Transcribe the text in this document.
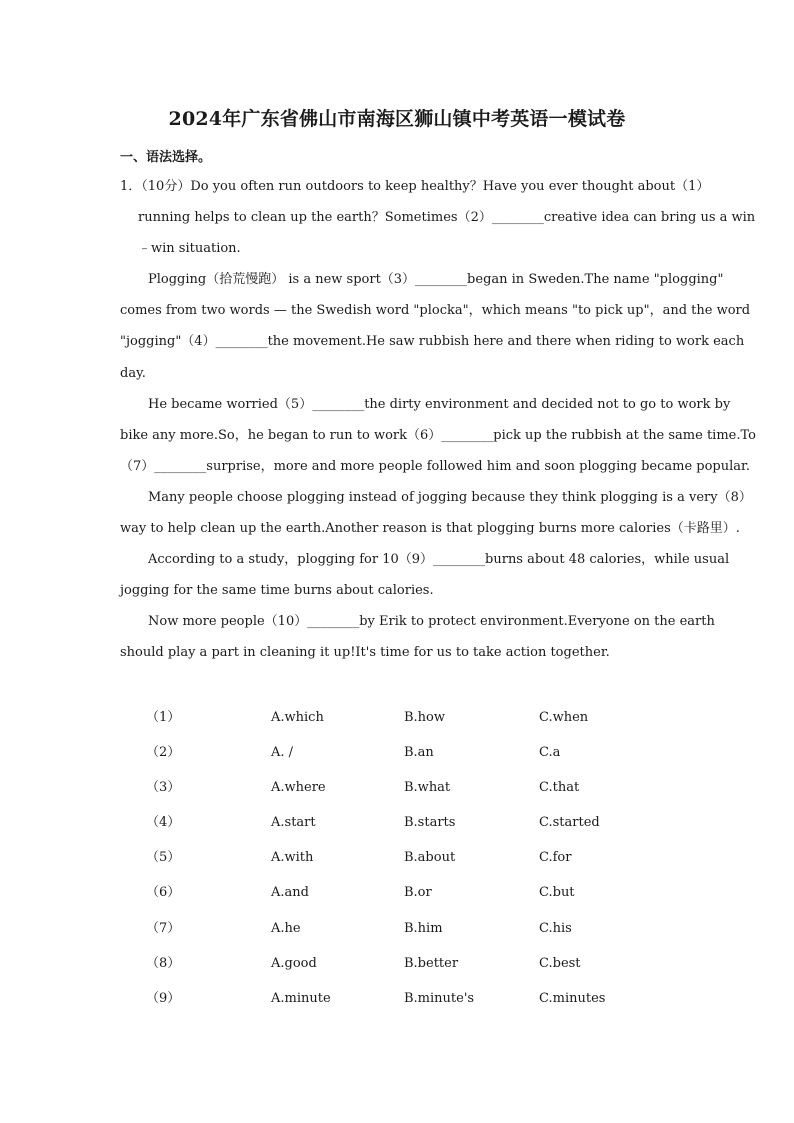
2024年广东省佛山市南海区狮山镇中考英语一模试卷
一、语法选择。
1．（10分）Do you often run outdoors to keep healthy？Have you ever thought about（1）
running helps to clean up the earth？Sometimes（2）________creative idea can bring us a win
﹣win situation.
Plogging（拾荒慢跑） is a new sport（3）________began in Sweden.The name "plogging"
comes from two words — the Swedish word "plocka"，which means "to pick up"，and the word
"jogging"（4）________the movement.He saw rubbish here and there when riding to work each
day.
He became worried（5）________the dirty environment and decided not to go to work by
bike any more.So，he began to run to work（6）________pick up the rubbish at the same time.To
（7）________surprise，more and more people followed him and soon plogging became popular.
Many people choose plogging instead of jogging because they think plogging is a very（8）
way to help clean up the earth.Another reason is that plogging burns more calories（卡路里）.
According to a study，plogging for 10（9）________burns about 48 calories，while usual
jogging for the same time burns about calories.
Now more people（10）________by Erik to protect environment.Everyone on the earth
should play a part in cleaning it up!It's time for us to take action together.
（1）	A.which	B.how	C.when
（2）	A. /	B.an	C.a
（3）	A.where	B.what	C.that
（4）	A.start	B.starts	C.started
（5）	A.with	B.about	C.for
（6）	A.and	B.or	C.but
（7）	A.he	B.him	C.his
（8）	A.good	B.better	C.best
（9）	A.minute	B.minute's	C.minutes
